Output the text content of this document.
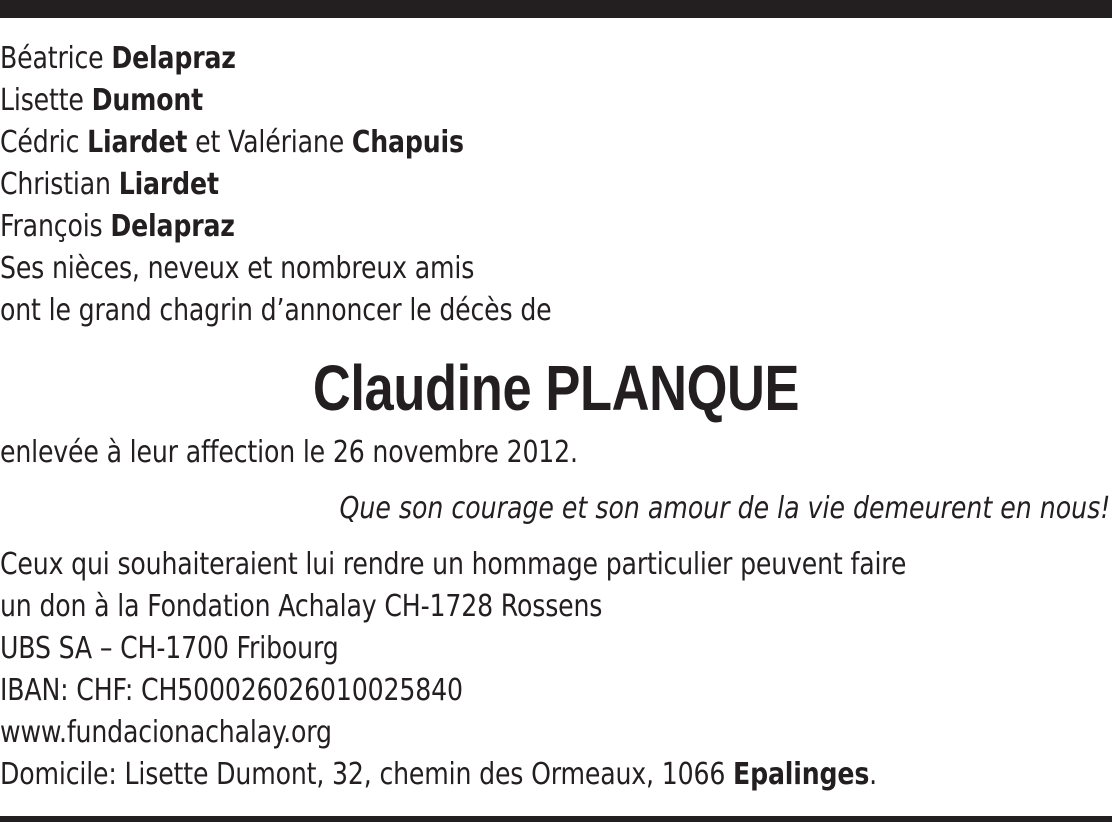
Béatrice Delapraz
Lisette Dumont
Cédric Liardet et Valériane Chapuis
Christian Liardet
François Delapraz
Ses nièces, neveux et nombreux amis
ont le grand chagrin d’annoncer le décès de
Claudine PLANQUE
enlevée à leur affection le 26 novembre 2012.
Que son courage et son amour de la vie demeurent en nous!
Ceux qui souhaiteraient lui rendre un hommage particulier peuvent faire
un don à la Fondation Achalay CH-1728 Rossens
UBS SA – CH-1700 Fribourg
IBAN: CHF: CH500026026010025840
www.fundacionachalay.org
Domicile: Lisette Dumont, 32, chemin des Ormeaux, 1066 Epalinges.
